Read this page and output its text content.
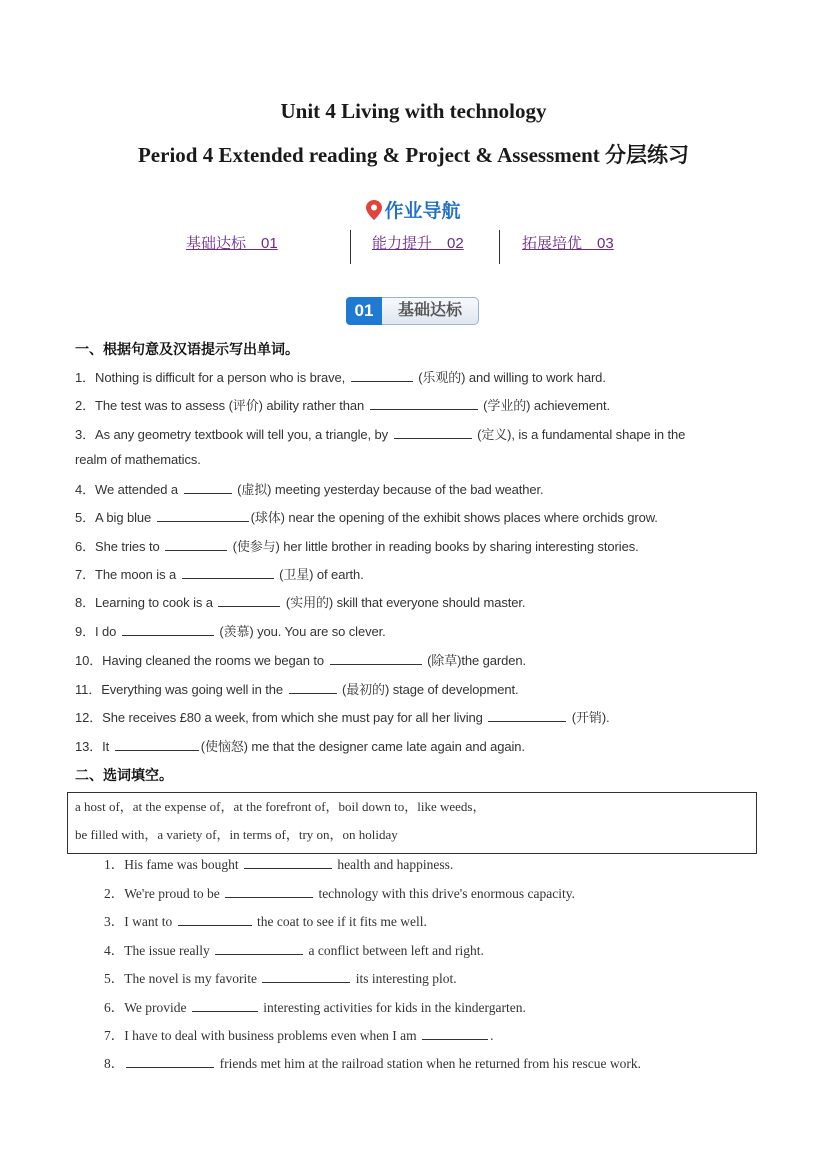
Unit 4 Living with technology
Period 4 Extended reading & Project & Assessment 分层练习
作业导航
基础达标　01	能力提升　02	拓展培优　03
01	基础达标
一、根据句意及汉语提示写出单词。
1．Nothing is difficult for a person who is brave,	(乐观的) and willing to work hard.
2．The test was to assess (评价) ability rather than	(学业的) achievement.
3．As any geometry textbook will tell you, a triangle, by	(定义), is a fundamental shape in the
realm of mathematics.
4．We attended a	(虚拟) meeting yesterday because of the bad weather.
5．A big blue	(球体) near the opening of the exhibit shows places where orchids grow.
6．She tries to	(使参与) her little brother in reading books by sharing interesting stories.
7．The moon is a	(卫星) of earth.
8．Learning to cook is a	(实用的) skill that everyone should master.
9．I do	(羡慕) you. You are so clever.
10．Having cleaned the rooms we began to	(除草)the garden.
11．Everything was going well in the	(最初的) stage of development.
12．She receives £80 a week, from which she must pay for all her living	(开销).
13．It	(使恼怒) me that the designer came late again and again.
二、选词填空。
a host of，at the expense of，at the forefront of，boil down to，like weeds，
be filled with，a variety of，in terms of，try on，on holiday
1．His fame was bought	health and happiness.
2．We're proud to be	technology with this drive's enormous capacity.
3．I want to	the coat to see if it fits me well.
4．The issue really	a conflict between left and right.
5．The novel is my favorite	its interesting plot.
6．We provide	interesting activities for kids in the kindergarten.
7．I have to deal with business problems even when I am	.
8．	friends met him at the railroad station when he returned from his rescue work.
